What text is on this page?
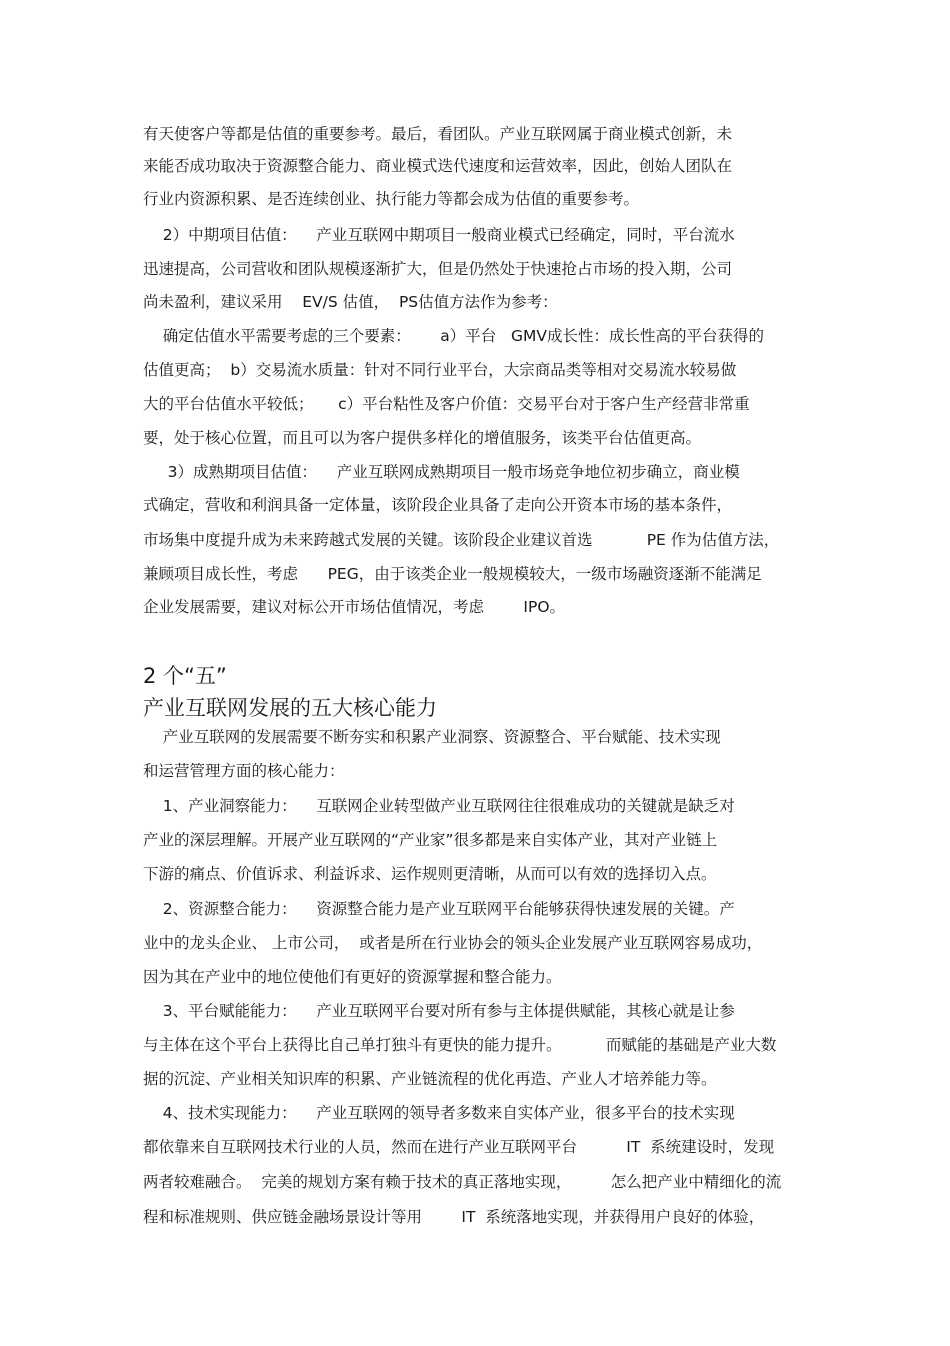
有天使客户等都是估值的重要参考。最后，看团队。产业互联网属于商业模式创新，未
来能否成功取决于资源整合能力、商业模式迭代速度和运营效率，因此，创始人团队在
行业内资源积累、是否连续创业、执行能力等都会成为估值的重要参考。
2）中期项目估值：    产业互联网中期项目一般商业模式已经确定，同时，平台流水
迅速提高，公司营收和团队规模逐渐扩大，但是仍然处于快速抢占市场的投入期，公司
尚未盈利，建议采用    EV/S 估值，  PS估值方法作为参考：
确定估值水平需要考虑的三个要素：      a）平台   GMV成长性：成长性高的平台获得的
估值更高；  b）交易流水质量：针对不同行业平台，大宗商品类等相对交易流水较易做
大的平台估值水平较低；     c）平台粘性及客户价值：交易平台对于客户生产经营非常重
要，处于核心位置，而且可以为客户提供多样化的增值服务，该类平台估值更高。
3）成熟期项目估值：    产业互联网成熟期项目一般市场竞争地位初步确立，商业模
式确定，营收和利润具备一定体量，该阶段企业具备了走向公开资本市场的基本条件，
市场集中度提升成为未来跨越式发展的关键。该阶段企业建议首选           PE 作为估值方法，
兼顾项目成长性，考虑      PEG，由于该类企业一般规模较大，一级市场融资逐渐不能满足
企业发展需要，建议对标公开市场估值情况，考虑        IPO。
2 个“五”
产业互联网发展的五大核心能力
产业互联网的发展需要不断夯实和积累产业洞察、资源整合、平台赋能、技术实现
和运营管理方面的核心能力：
1、产业洞察能力：    互联网企业转型做产业互联网往往很难成功的关键就是缺乏对
产业的深层理解。开展产业互联网的“产业家”很多都是来自实体产业，其对产业链上
下游的痛点、价值诉求、利益诉求、运作规则更清晰，从而可以有效的选择切入点。
2、资源整合能力：    资源整合能力是产业互联网平台能够获得快速发展的关键。产
业中的龙头企业、 上市公司，  或者是所在行业协会的领头企业发展产业互联网容易成功，
因为其在产业中的地位使他们有更好的资源掌握和整合能力。
3、平台赋能能力：    产业互联网平台要对所有参与主体提供赋能，其核心就是让参
与主体在这个平台上获得比自己单打独斗有更快的能力提升。         而赋能的基础是产业大数
据的沉淀、产业相关知识库的积累、产业链流程的优化再造、产业人才培养能力等。
4、技术实现能力：    产业互联网的领导者多数来自实体产业，很多平台的技术实现
都依靠来自互联网技术行业的人员，然而在进行产业互联网平台          IT  系统建设时，发现
两者较难融合。  完美的规划方案有赖于技术的真正落地实现，        怎么把产业中精细化的流
程和标准规则、供应链金融场景设计等用        IT  系统落地实现，并获得用户良好的体验，
